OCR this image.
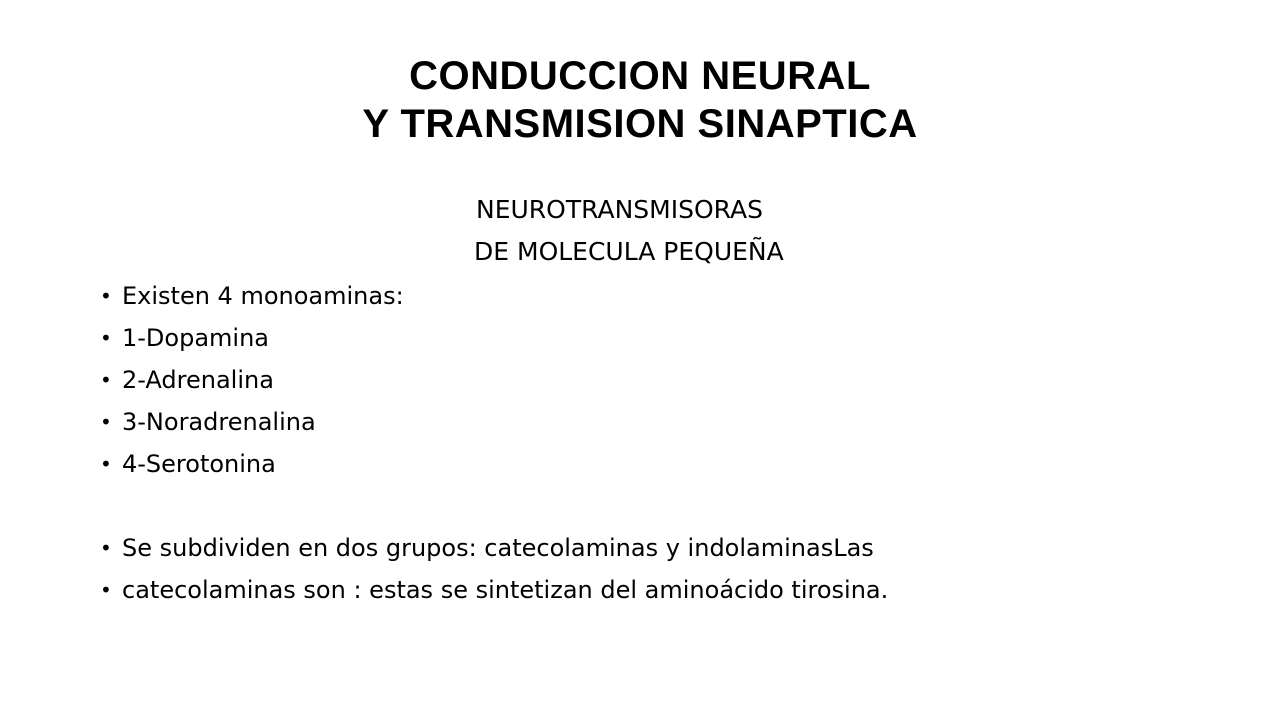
CONDUCCION NEURAL
Y TRANSMISION SINAPTICA
NEUROTRANSMISORAS
DE MOLECULA PEQUEÑA
• Existen 4 monoaminas:
• 1-Dopamina
• 2-Adrenalina
• 3-Noradrenalina
• 4-Serotonina
• Se subdividen en dos grupos: catecolaminas y indolaminasLas
• catecolaminas son : estas se sintetizan del aminoácido tirosina.
